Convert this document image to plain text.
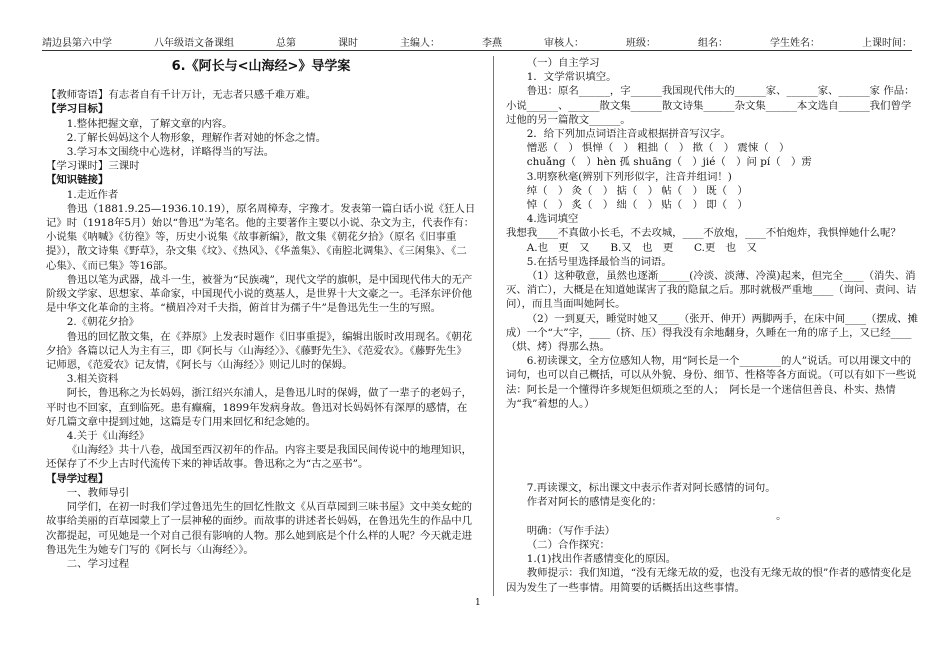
靖边县第六中学	八年级语文备课组	总第	课时	主编人：	李燕	审核人：	班级：	组名：	学生姓名：	上课时间：
6.《阿长与<山海经>》导学案
【教师寄语】有志者自有千计万计，无志者只感千难万难。
【学习目标】
1.整体把握文章，了解文章的内容。
2.了解长妈妈这个人物形象，理解作者对她的怀念之情。
3.学习本文围绕中心选材，详略得当的写法。
【学习课时】三课时
【知识链接】
1.走近作者
鲁迅（1881.9.25—1936.10.19），原名周樟寿，字豫才。发表第一篇白话小说《狂人日记》时（1918年5月）始以“鲁迅”为笔名。他的主要著作主要以小说、杂文为主，代表作有：小说集《呐喊》《彷徨》等，历史小说集《故事新编》，散文集《朝花夕拾》（原名《旧事重提》），散文诗集《野草》，杂文集《坟》、《热风》、《华盖集》、《南腔北调集》、《三闲集》、《二心集》、《而已集》等16部。
鲁迅以笔为武器，战斗一生，被誉为“民族魂”，现代文学的旗帜，是中国现代伟大的无产阶级文学家、思想家、革命家，中国现代小说的奠基人，是世界十大文豪之一。毛泽东评价他是中华文化革命的主将。“横眉冷对千夫指，俯首甘为孺子牛”是鲁迅先生一生的写照。
2.《朝花夕拾》
鲁迅的回忆散文集，在《莽原》上发表时题作《旧事重提》，编辑出版时改用现名。《朝花夕拾》各篇以记人为主有三，即《阿长与〈山海经〉》、《藤野先生》、《范爱农》。《藤野先生》记师恩，《范爱农》记友情，《阿长与〈山海经〉》则记儿时的保姆。
3.相关资料
阿长，鲁迅称之为长妈妈，浙江绍兴东浦人，是鲁迅儿时的保姆，做了一辈子的老妈子，平时也不回家，直到临死。患有癫痫，1899年发病身故。鲁迅对长妈妈怀有深厚的感情，在好几篇文章中提到过她，这篇是专门用来回忆和纪念她的。
4.关于《山海经》
《山海经》共十八卷，战国至西汉初年的作品。内容主要是我国民间传说中的地理知识，还保存了不少上古时代流传下来的神话故事。鲁迅称之为“古之巫书”。
【导学过程】
一、教师导引
同学们，在初一时我们学过鲁迅先生的回忆性散文《从百草园到三味书屋》文中美女蛇的故事给美丽的百草园蒙上了一层神秘的面纱。而故事的讲述者长妈妈，在鲁迅先生的作品中几次都提起，可见她是一个对自己很有影响的人物。那么她到底是个什么样的人呢？今天就走进鲁迅先生为她专门写的《阿长与〈山海经〉》。
二、学习过程
（一）自主学习
1．文学常识填空。
鲁迅：原名______，字______我国现代伟大的______家、______家、______家 作品：小说______、______散文集______散文诗集______杂文集______本文选自______我们曾学过他的另一篇散文______。
2．给下列加点词语注音或根据拼音写汉字。
憎恶（　） 惧惮（　） 粗拙（　） 揿（　） 震悚（　）
chuǎng（　）hèn 孤 shuāng（　）jié（　）问 pí（　）雳
3.明察秋毫(辨别下列形似字，注音并组词！)
绰（　） 灸（　） 掂（　） 帖（　） 既（　）
悼（　） 炙（　） 绌（　） 贴（　） 即（　）
4.选词填空
我想我____不真做小长毛，不去攻城，____不放炮，____不怕炮炸，我惧惮她什么呢？
A.也　更　又　　B.又　也　更　　C.更　也　又
5.在括号里选择最恰当的词语。
（1）这种敬意，虽然也逐渐______(冷淡、淡薄、冷漠)起来，但完全____（消失、消灭、消亡），大概是在知道她谋害了我的隐鼠之后。那时就极严重地____（询问、责问、诘问），而且当面叫她阿长。
（2）一到夏天，睡觉时她又____（张开、伸开）两脚两手，在床中间____（摆成、摊成）一个“大”字，____（挤、压）得我没有余地翻身，久睡在一角的席子上，又已经____（烘、烤）得那么热。
6.初读课文，全方位感知人物，用“阿长是一个________的人”说话。可以用课文中的词句，也可以自己概括，可以从外貌、身份、细节、性格等各方面说。（可以有如下一些说法：阿长是一个懂得许多规矩但烦琐之至的人；　阿长是一个迷信但善良、朴实、热情为“我”着想的人。）
7.再读课文，标出课文中表示作者对阿长感情的词句。
作者对阿长的感情是变化的：
　　　　　　　　　　　　　　　　　　　　　　　　。
明确：（写作手法）
（二）合作探究：
1.(1)找出作者感情变化的原因。
教师提示：我们知道，“没有无缘无故的爱，也没有无缘无故的恨”作者的感情变化是因为发生了一些事情。用简要的话概括出这些事情。
1
